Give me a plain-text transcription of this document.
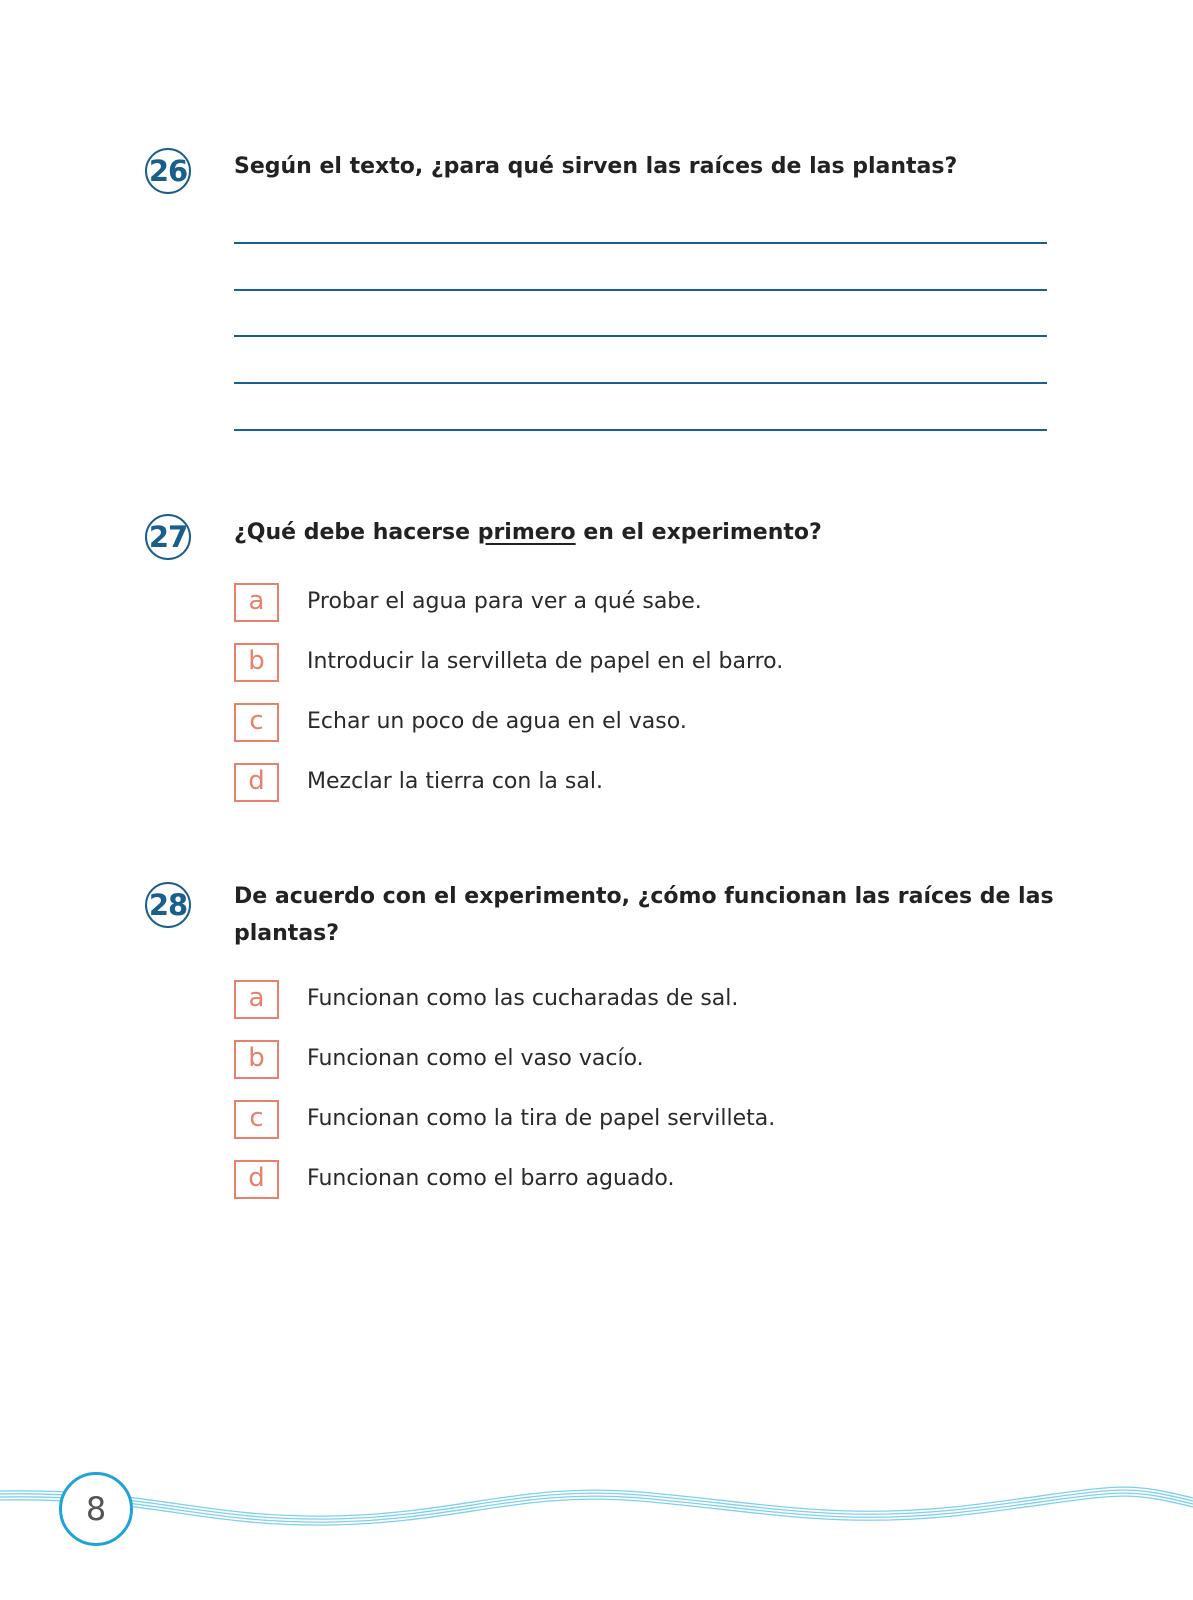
26 Según el texto, ¿para qué sirven las raíces de las plantas?
27 ¿Qué debe hacerse primero en el experimento?
a	Probar el agua para ver a qué sabe.
b	Introducir la servilleta de papel en el barro.
c	Echar un poco de agua en el vaso.
d	Mezclar la tierra con la sal.
28 De acuerdo con el experimento, ¿cómo funcionan las raíces de las
plantas?
a	Funcionan como las cucharadas de sal.
b	Funcionan como el vaso vacío.
c	Funcionan como la tira de papel servilleta.
d	Funcionan como el barro aguado.
8
